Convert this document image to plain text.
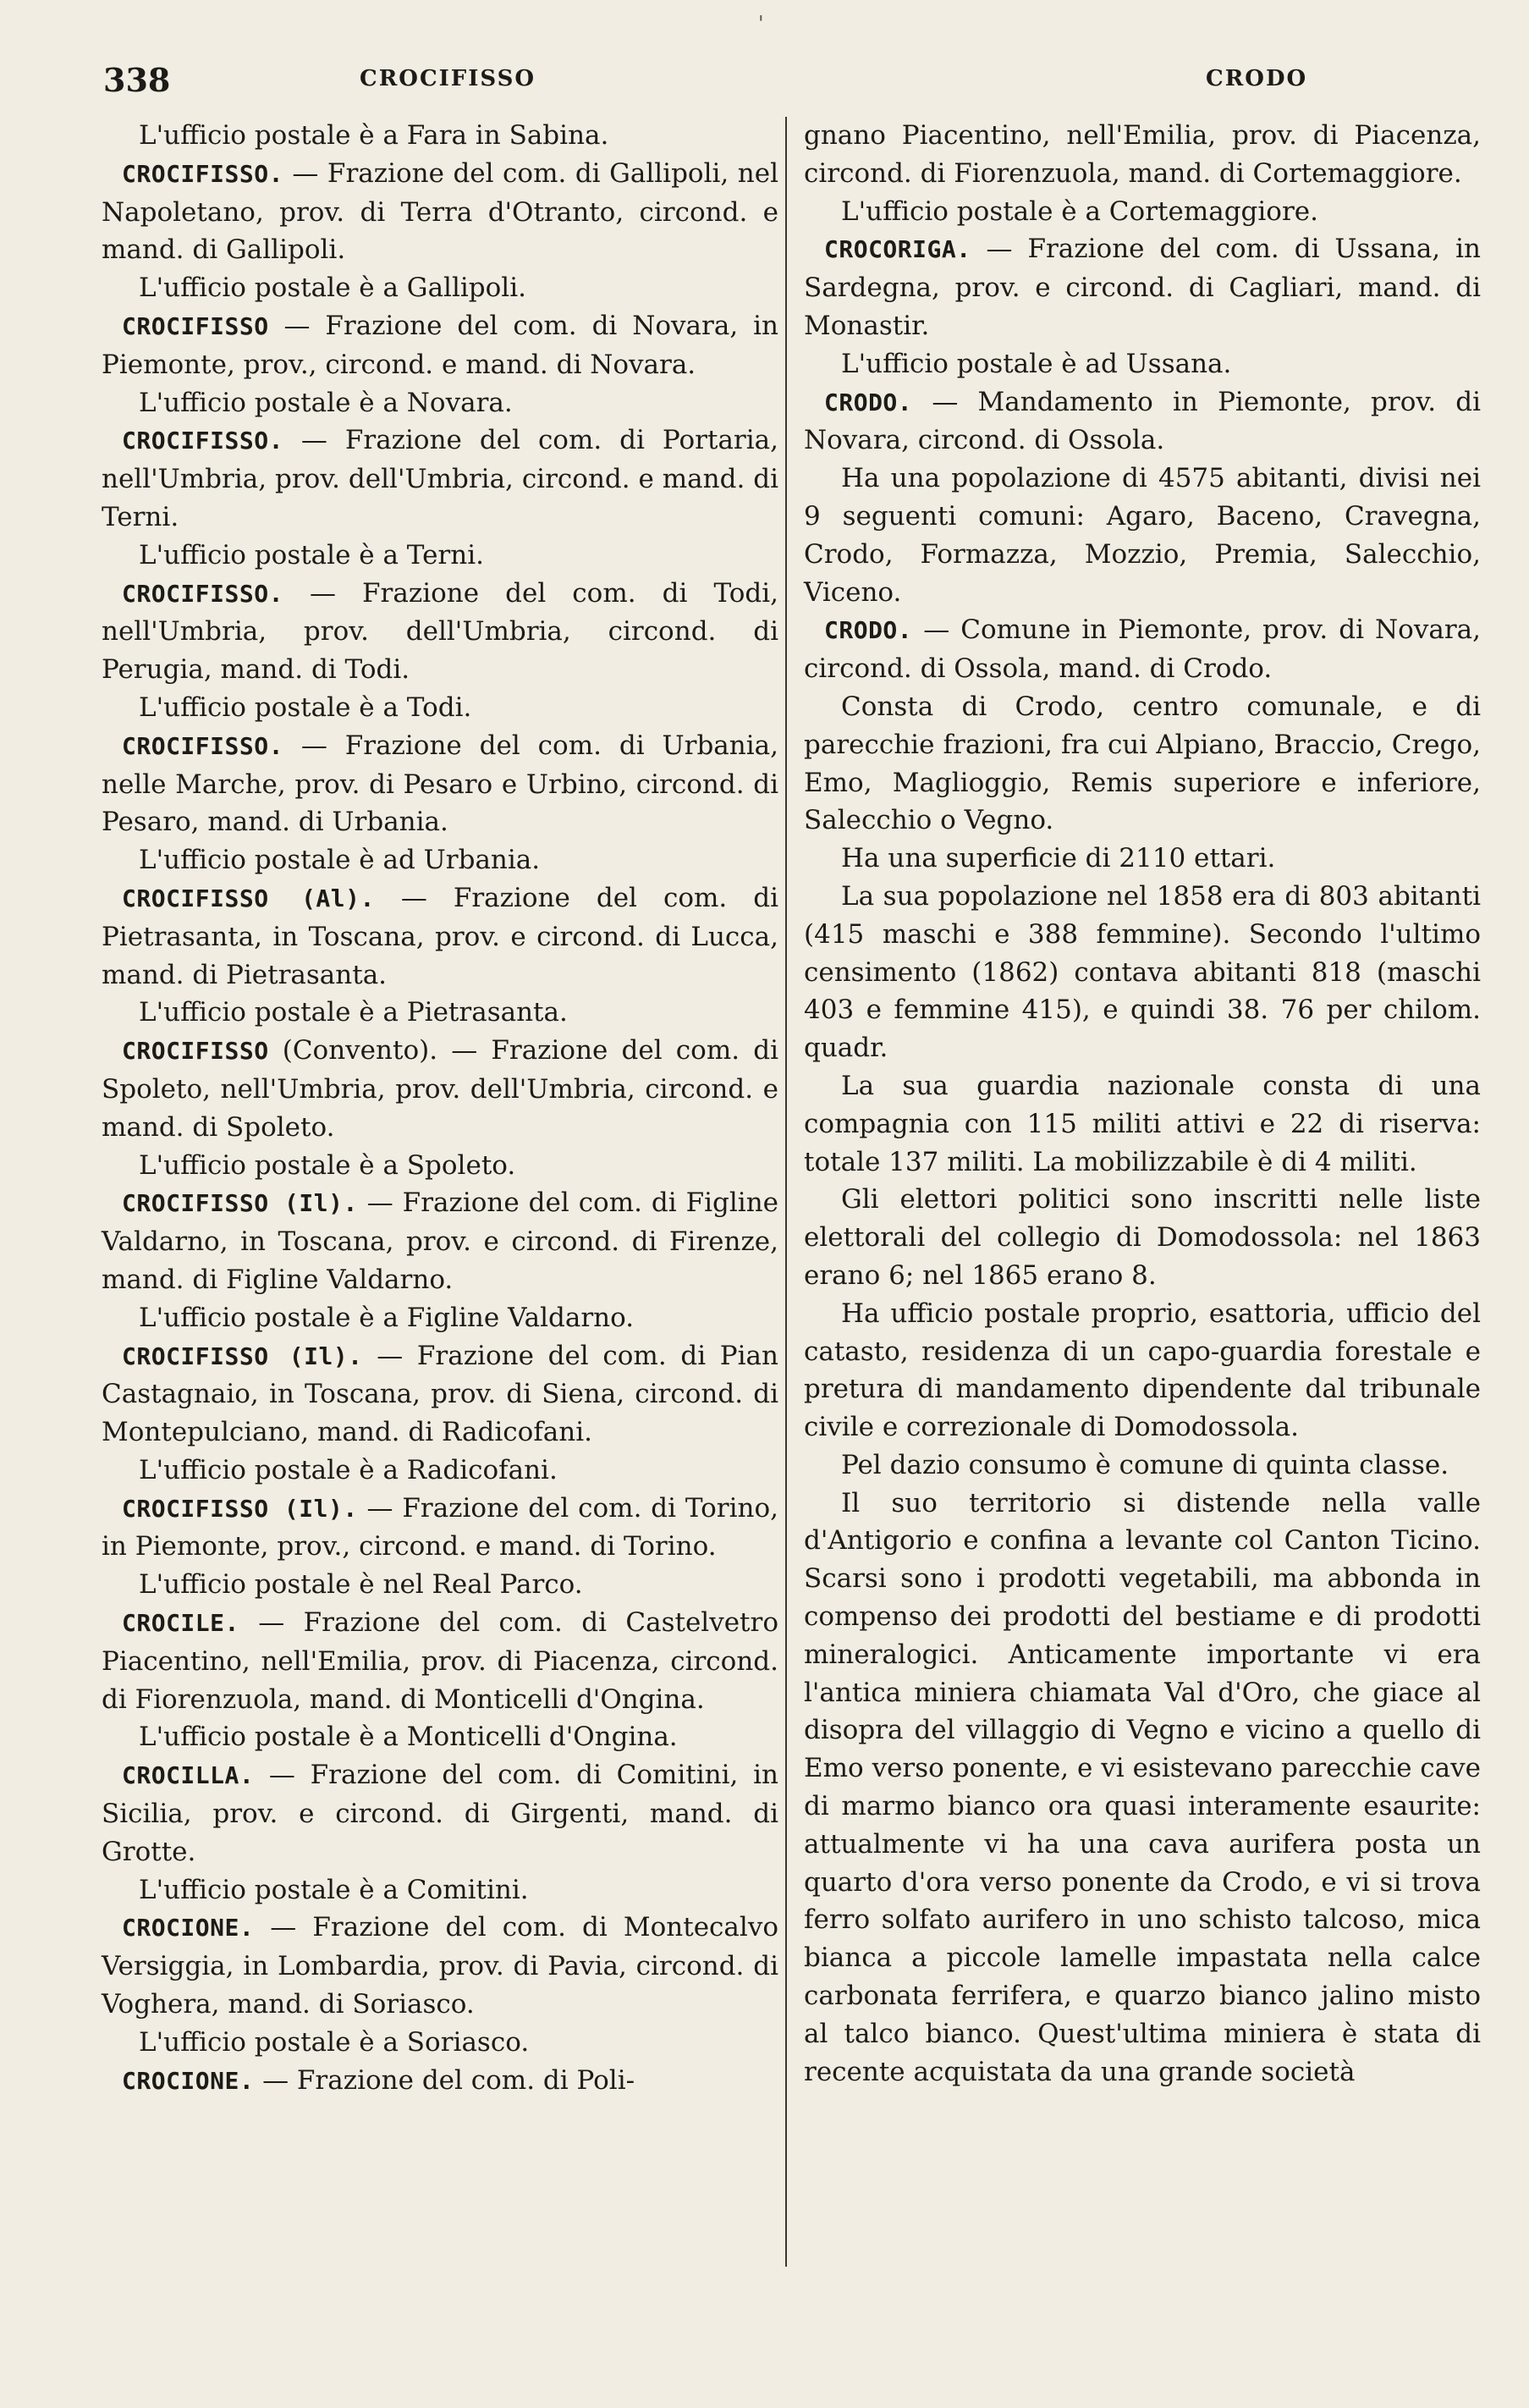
'
338	CROCIFISSO	CRODO

L'ufficio postale è a Fara in Sabina.

CROCIFISSO. — Frazione del com. di Gallipoli, nel Napoletano, prov. di Terra d'Otranto, circond. e mand. di Gallipoli.

L'ufficio postale è a Gallipoli.

CROCIFISSO — Frazione del com. di Novara, in Piemonte, prov., circond. e mand. di Novara.

L'ufficio postale è a Novara.

CROCIFISSO. — Frazione del com. di Portaria, nell'Umbria, prov. dell'Umbria, circond. e mand. di Terni.

L'ufficio postale è a Terni.

CROCIFISSO. — Frazione del com. di Todi, nell'Umbria, prov. dell'Umbria, circond. di Perugia, mand. di Todi.

L'ufficio postale è a Todi.

CROCIFISSO. — Frazione del com. di Urbania, nelle Marche, prov. di Pesaro e Urbino, circond. di Pesaro, mand. di Urbania.

L'ufficio postale è ad Urbania.

CROCIFISSO (Al). — Frazione del com. di Pietrasanta, in Toscana, prov. e circond. di Lucca, mand. di Pietrasanta.

L'ufficio postale è a Pietrasanta.

CROCIFISSO (Convento). — Frazione del com. di Spoleto, nell'Umbria, prov. dell'Umbria, circond. e mand. di Spoleto.

L'ufficio postale è a Spoleto.

CROCIFISSO (Il). — Frazione del com. di Figline Valdarno, in Toscana, prov. e circond. di Firenze, mand. di Figline Valdarno.

L'ufficio postale è a Figline Valdarno.

CROCIFISSO (Il). — Frazione del com. di Pian Castagnaio, in Toscana, prov. di Siena, circond. di Montepulciano, mand. di Radicofani.

L'ufficio postale è a Radicofani.

CROCIFISSO (Il). — Frazione del com. di Torino, in Piemonte, prov., circond. e mand. di Torino.

L'ufficio postale è nel Real Parco.

CROCILE. — Frazione del com. di Castelvetro Piacentino, nell'Emilia, prov. di Piacenza, circond. di Fiorenzuola, mand. di Monticelli d'Ongina.

L'ufficio postale è a Monticelli d'Ongina.

CROCILLA. — Frazione del com. di Comitini, in Sicilia, prov. e circond. di Girgenti, mand. di Grotte.

L'ufficio postale è a Comitini.

CROCIONE. — Frazione del com. di Montecalvo Versiggia, in Lombardia, prov. di Pavia, circond. di Voghera, mand. di Soriasco.

L'ufficio postale è a Soriasco.

CROCIONE. — Frazione del com. di Poli-

gnano Piacentino, nell'Emilia, prov. di Piacenza, circond. di Fiorenzuola, mand. di Cortemaggiore.

L'ufficio postale è a Cortemaggiore.

CROCORIGA. — Frazione del com. di Ussana, in Sardegna, prov. e circond. di Cagliari, mand. di Monastir.

L'ufficio postale è ad Ussana.

CRODO. — Mandamento in Piemonte, prov. di Novara, circond. di Ossola.

Ha una popolazione di 4575 abitanti, divisi nei 9 seguenti comuni: Agaro, Baceno, Cravegna, Crodo, Formazza, Mozzio, Premia, Salecchio, Viceno.

CRODO. — Comune in Piemonte, prov. di Novara, circond. di Ossola, mand. di Crodo.

Consta di Crodo, centro comunale, e di parecchie frazioni, fra cui Alpiano, Braccio, Crego, Emo, Maglioggio, Remis superiore e inferiore, Salecchio o Vegno.

Ha una superficie di 2110 ettari.

La sua popolazione nel 1858 era di 803 abitanti (415 maschi e 388 femmine). Secondo l'ultimo censimento (1862) contava abitanti 818 (maschi 403 e femmine 415), e quindi 38. 76 per chilom. quadr.

La sua guardia nazionale consta di una compagnia con 115 militi attivi e 22 di riserva: totale 137 militi. La mobilizzabile è di 4 militi.

Gli elettori politici sono inscritti nelle liste elettorali del collegio di Domodossola: nel 1863 erano 6; nel 1865 erano 8.

Ha ufficio postale proprio, esattoria, ufficio del catasto, residenza di un capo-guardia forestale e pretura di mandamento dipendente dal tribunale civile e correzionale di Domodossola.

Pel dazio consumo è comune di quinta classe.

Il suo territorio si distende nella valle d'Antigorio e confina a levante col Canton Ticino. Scarsi sono i prodotti vegetabili, ma abbonda in compenso dei prodotti del bestiame e di prodotti mineralogici. Anticamente importante vi era l'antica miniera chiamata Val d'Oro, che giace al disopra del villaggio di Vegno e vicino a quello di Emo verso ponente, e vi esistevano parecchie cave di marmo bianco ora quasi interamente esaurite: attualmente vi ha una cava aurifera posta un quarto d'ora verso ponente da Crodo, e vi si trova ferro solfato aurifero in uno schisto talcoso, mica bianca a piccole lamelle impastata nella calce carbonata ferrifera, e quarzo bianco jalino misto al talco bianco. Quest'ultima miniera è stata di recente acquistata da una grande società
